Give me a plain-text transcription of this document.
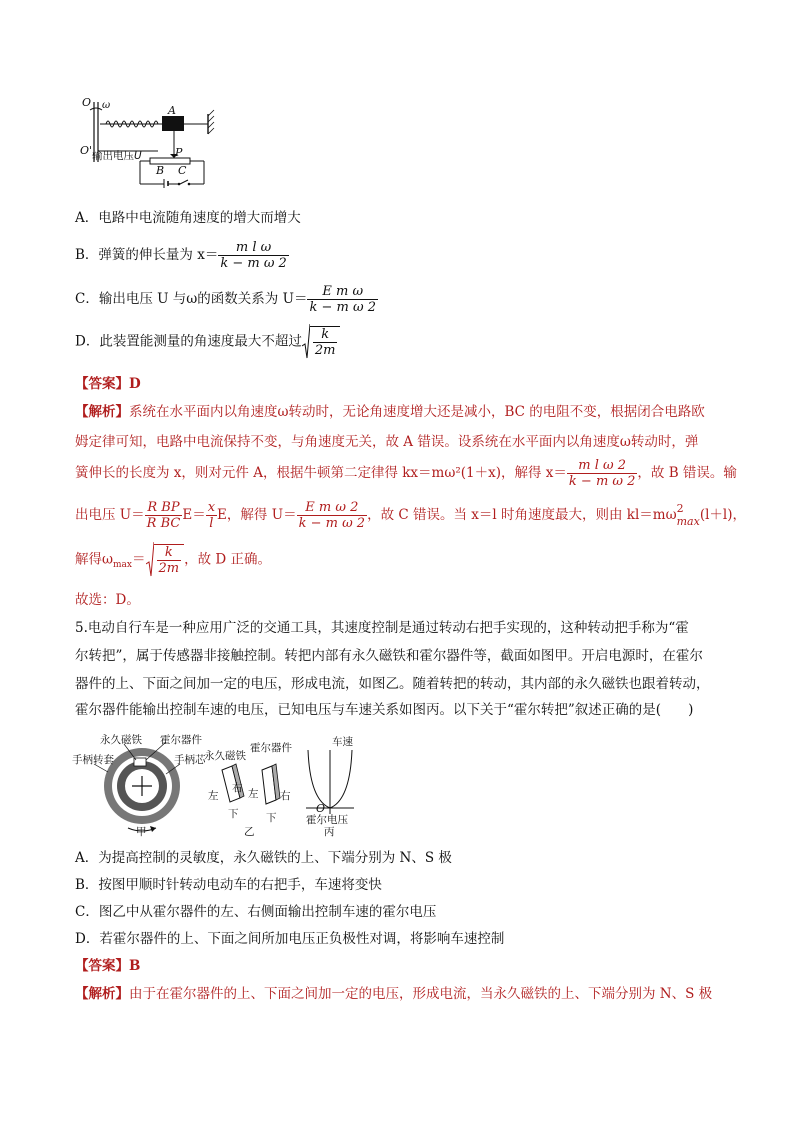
O ω	A
O' 输出电压U	P
B C
A．电路中电流随角速度的增大而增大
B．弹簧的伸长量为 $x= \frac{\text{m l ω}}{\text{k − m ω 2}}$
C．输出电压 U 与ω的函数关系为 $U= \frac{\text{E m ω}}{\text{k − m ω 2}}$
D．此装置能测量的角速度最大不超过 $\frac{k}{2m}$
【答案】D
【解析】系统在水平面内以角速度ω转动时，无论角速度增大还是减小，BC 的电阻不变，根据闭合电路欧
姆定律可知，电路中电流保持不变，与角速度无关，故 A 错误。设系统在水平面内以角速度ω转动时，弹
簧伸长的长度为 x，则对元件 A，根据牛顿第二定律得 kx＝mω²(1＋x)，解得 $x= \frac{\text{m l ω 2}}{\text{k − m ω 2}}$ ，故 B 错误。输
出电压 $U= \frac{\text{R BP}}{\text{R BC}} E= \frac{x}{l}$ E，解得 $U= \frac{\text{E m ω 2}}{\text{k − m ω 2}}$ ，故 C 错误。当 x＝l 时角速度最大，则由 kl＝mω 2
max (l＋l)，
解得$\omega_{max}= \frac{k}{2m}$ ，故 D 正确。
故选：D。
5.电动自行车是一种应用广泛的交通工具，其速度控制是通过转动右把手实现的，这种转动把手称为“霍
尔转把”，属于传感器非接触控制。转把内部有永久磁铁和霍尔器件等，截面如图甲。开启电源时，在霍尔
器件的上、下面之间加一定的电压，形成电流，如图乙。随着转把的转动，其内部的永久磁铁也跟着转动，
霍尔器件能输出控制车速的电压，已知电压与车速关系如图丙。以下关于“霍尔转把”叙述正确的是(　　)
永久磁铁 霍尔器件
手柄转套	手柄芯
甲
永久磁铁
霍尔器件
左
右 左 右
下	下
乙
车速
O
霍尔电压
丙
A．为提高控制的灵敏度，永久磁铁的上、下端分别为 N、S 极
B．按图甲顺时针转动电动车的右把手，车速将变快
C．图乙中从霍尔器件的左、右侧面输出控制车速的霍尔电压
D．若霍尔器件的上、下面之间所加电压正负极性对调，将影响车速控制
【答案】B
【解析】由于在霍尔器件的上、下面之间加一定的电压，形成电流，当永久磁铁的上、下端分别为 N、S 极
